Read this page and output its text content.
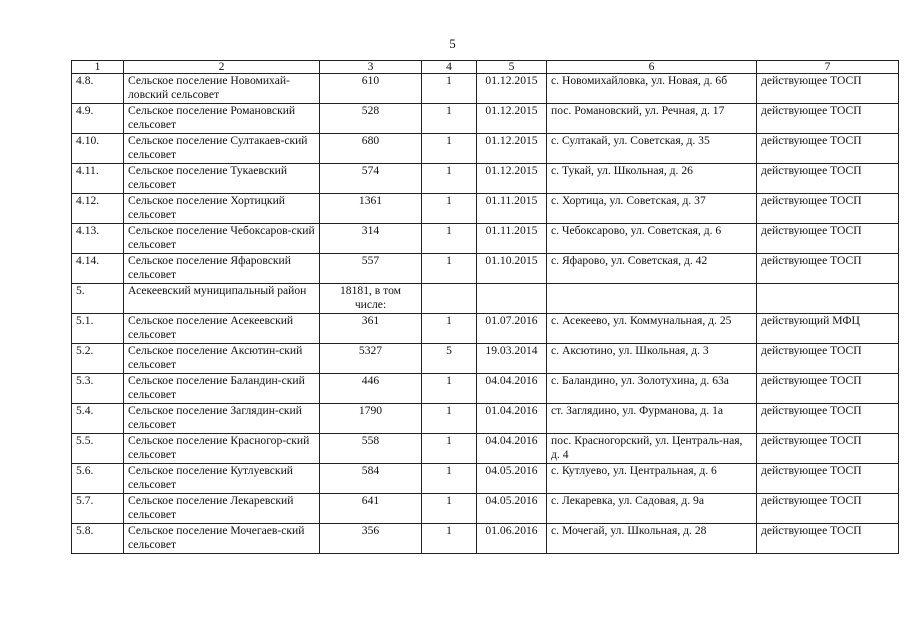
5
1	2	3	4	5	6	7
4.8.	Сельское поселение Новомихай-ловский сельсовет	610	1	01.12.2015	с. Новомихайловка, ул. Новая, д. 6б	действующее ТОСП
4.9.	Сельское поселение Романовский сельсовет	528	1	01.12.2015	пос. Романовский, ул. Речная, д. 17	действующее ТОСП
4.10.	Сельское поселение Султакаев-ский сельсовет	680	1	01.12.2015	с. Султакай, ул. Советская, д. 35	действующее ТОСП
4.11.	Сельское поселение Тукаевский сельсовет	574	1	01.12.2015	с. Тукай, ул. Школьная, д. 26	действующее ТОСП
4.12.	Сельское поселение Хортицкий сельсовет	1361	1	01.11.2015	с. Хортица, ул. Советская, д. 37	действующее ТОСП
4.13.	Сельское поселение Чебоксаров-ский сельсовет	314	1	01.11.2015	с. Чебоксарово, ул. Советская, д. 6	действующее ТОСП
4.14.	Сельское поселение Яфаровский сельсовет	557	1	01.10.2015	с. Яфарово, ул. Советская, д. 42	действующее ТОСП
5.	Асекеевский муниципальный район	18181, в том числе:				
5.1.	Сельское поселение Асекеевский сельсовет	361	1	01.07.2016	с. Асекеево, ул. Коммунальная, д. 25	действующий МФЦ
5.2.	Сельское поселение Аксютин-ский сельсовет	5327	5	19.03.2014	с. Аксютино, ул. Школьная, д. 3	действующее ТОСП
5.3.	Сельское поселение Баландин-ский сельсовет	446	1	04.04.2016	с. Баландино, ул. Золотухина, д. 63а	действующее ТОСП
5.4.	Сельское поселение Заглядин-ский сельсовет	1790	1	01.04.2016	ст. Заглядино, ул. Фурманова, д. 1а	действующее ТОСП
5.5.	Сельское поселение Красногор-ский сельсовет	558	1	04.04.2016	пос. Красногорский, ул. Централь-ная, д. 4	действующее ТОСП
5.6.	Сельское поселение Кутлуевский сельсовет	584	1	04.05.2016	с. Кутлуево, ул. Центральная, д. 6	действующее ТОСП
5.7.	Сельское поселение Лекаревский сельсовет	641	1	04.05.2016	с. Лекаревка, ул. Садовая, д. 9а	действующее ТОСП
5.8.	Сельское поселение Мочегаев-ский сельсовет	356	1	01.06.2016	с. Мочегай, ул. Школьная, д. 28	действующее ТОСП
